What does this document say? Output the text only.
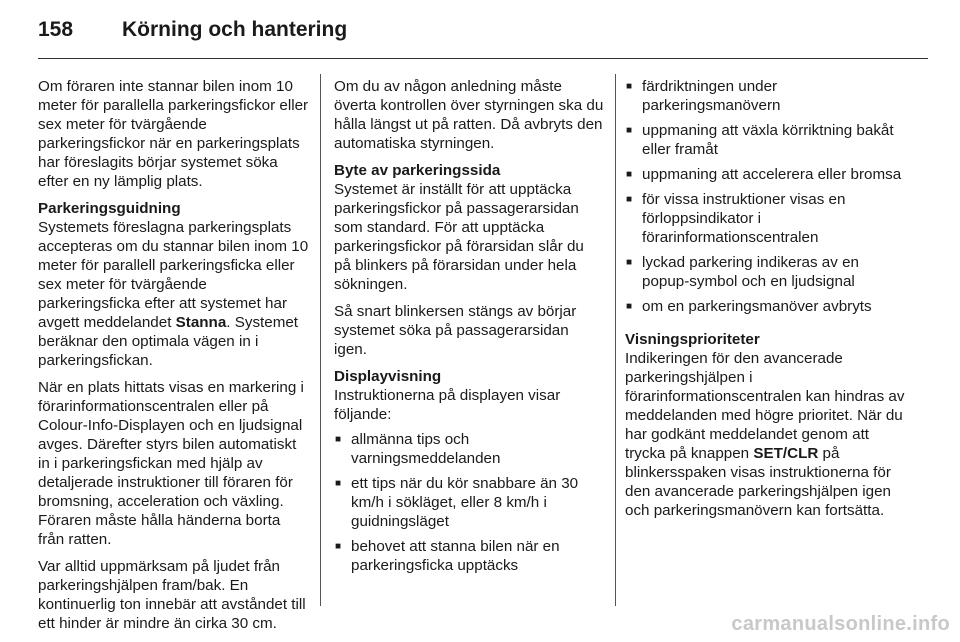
158	Körning och hantering

Om föraren inte stannar bilen inom 10 meter för parallella parkeringsfickor eller sex meter för tvärgående parkeringsfickor när en parkeringsplats har föreslagits börjar systemet söka efter en ny lämplig plats.

Parkeringsguidning
Systemets föreslagna parkeringsplats accepteras om du stannar bilen inom 10 meter för parallell parkeringsficka eller sex meter för tvärgående parkeringsficka efter att systemet har avgett meddelandet Stanna. Systemet beräknar den optimala vägen in i parkeringsfickan.

När en plats hittats visas en markering i förarinformationscentralen eller på Colour-Info-Displayen och en ljudsignal avges. Därefter styrs bilen automatiskt in i parkeringsfickan med hjälp av detaljerade instruktioner till föraren för bromsning, acceleration och växling. Föraren måste hålla händerna borta från ratten.

Var alltid uppmärksam på ljudet från parkeringshjälpen fram/bak. En kontinuerlig ton innebär att avståndet till ett hinder är mindre än cirka 30 cm.

Om du av någon anledning måste överta kontrollen över styrningen ska du hålla längst ut på ratten. Då avbryts den automatiska styrningen.

Byte av parkeringssida
Systemet är inställt för att upptäcka parkeringsfickor på passagerarsidan som standard. För att upptäcka parkeringsfickor på förarsidan slår du på blinkers på förarsidan under hela sökningen.

Så snart blinkersen stängs av börjar systemet söka på passagerarsidan igen.

Displayvisning
Instruktionerna på displayen visar följande:

■ allmänna tips och varningsmeddelanden
■ ett tips när du kör snabbare än 30 km/h i sökläget, eller 8 km/h i guidningsläget
■ behovet att stanna bilen när en parkeringsficka upptäcks
■ färdriktningen under parkeringsmanövern
■ uppmaning att växla körriktning bakåt eller framåt
■ uppmaning att accelerera eller bromsa
■ för vissa instruktioner visas en förloppsindikator i förarinformationscentralen
■ lyckad parkering indikeras av en popup-symbol och en ljudsignal
■ om en parkeringsmanöver avbryts

Visningsprioriteter
Indikeringen för den avancerade parkeringshjälpen i förarinformationscentralen kan hindras av meddelanden med högre prioritet. När du har godkänt meddelandet genom att trycka på knappen SET/CLR på blinkersspaken visas instruktionerna för den avancerade parkeringshjälpen igen och parkeringsmanövern kan fortsätta.

carmanualsonline.info
